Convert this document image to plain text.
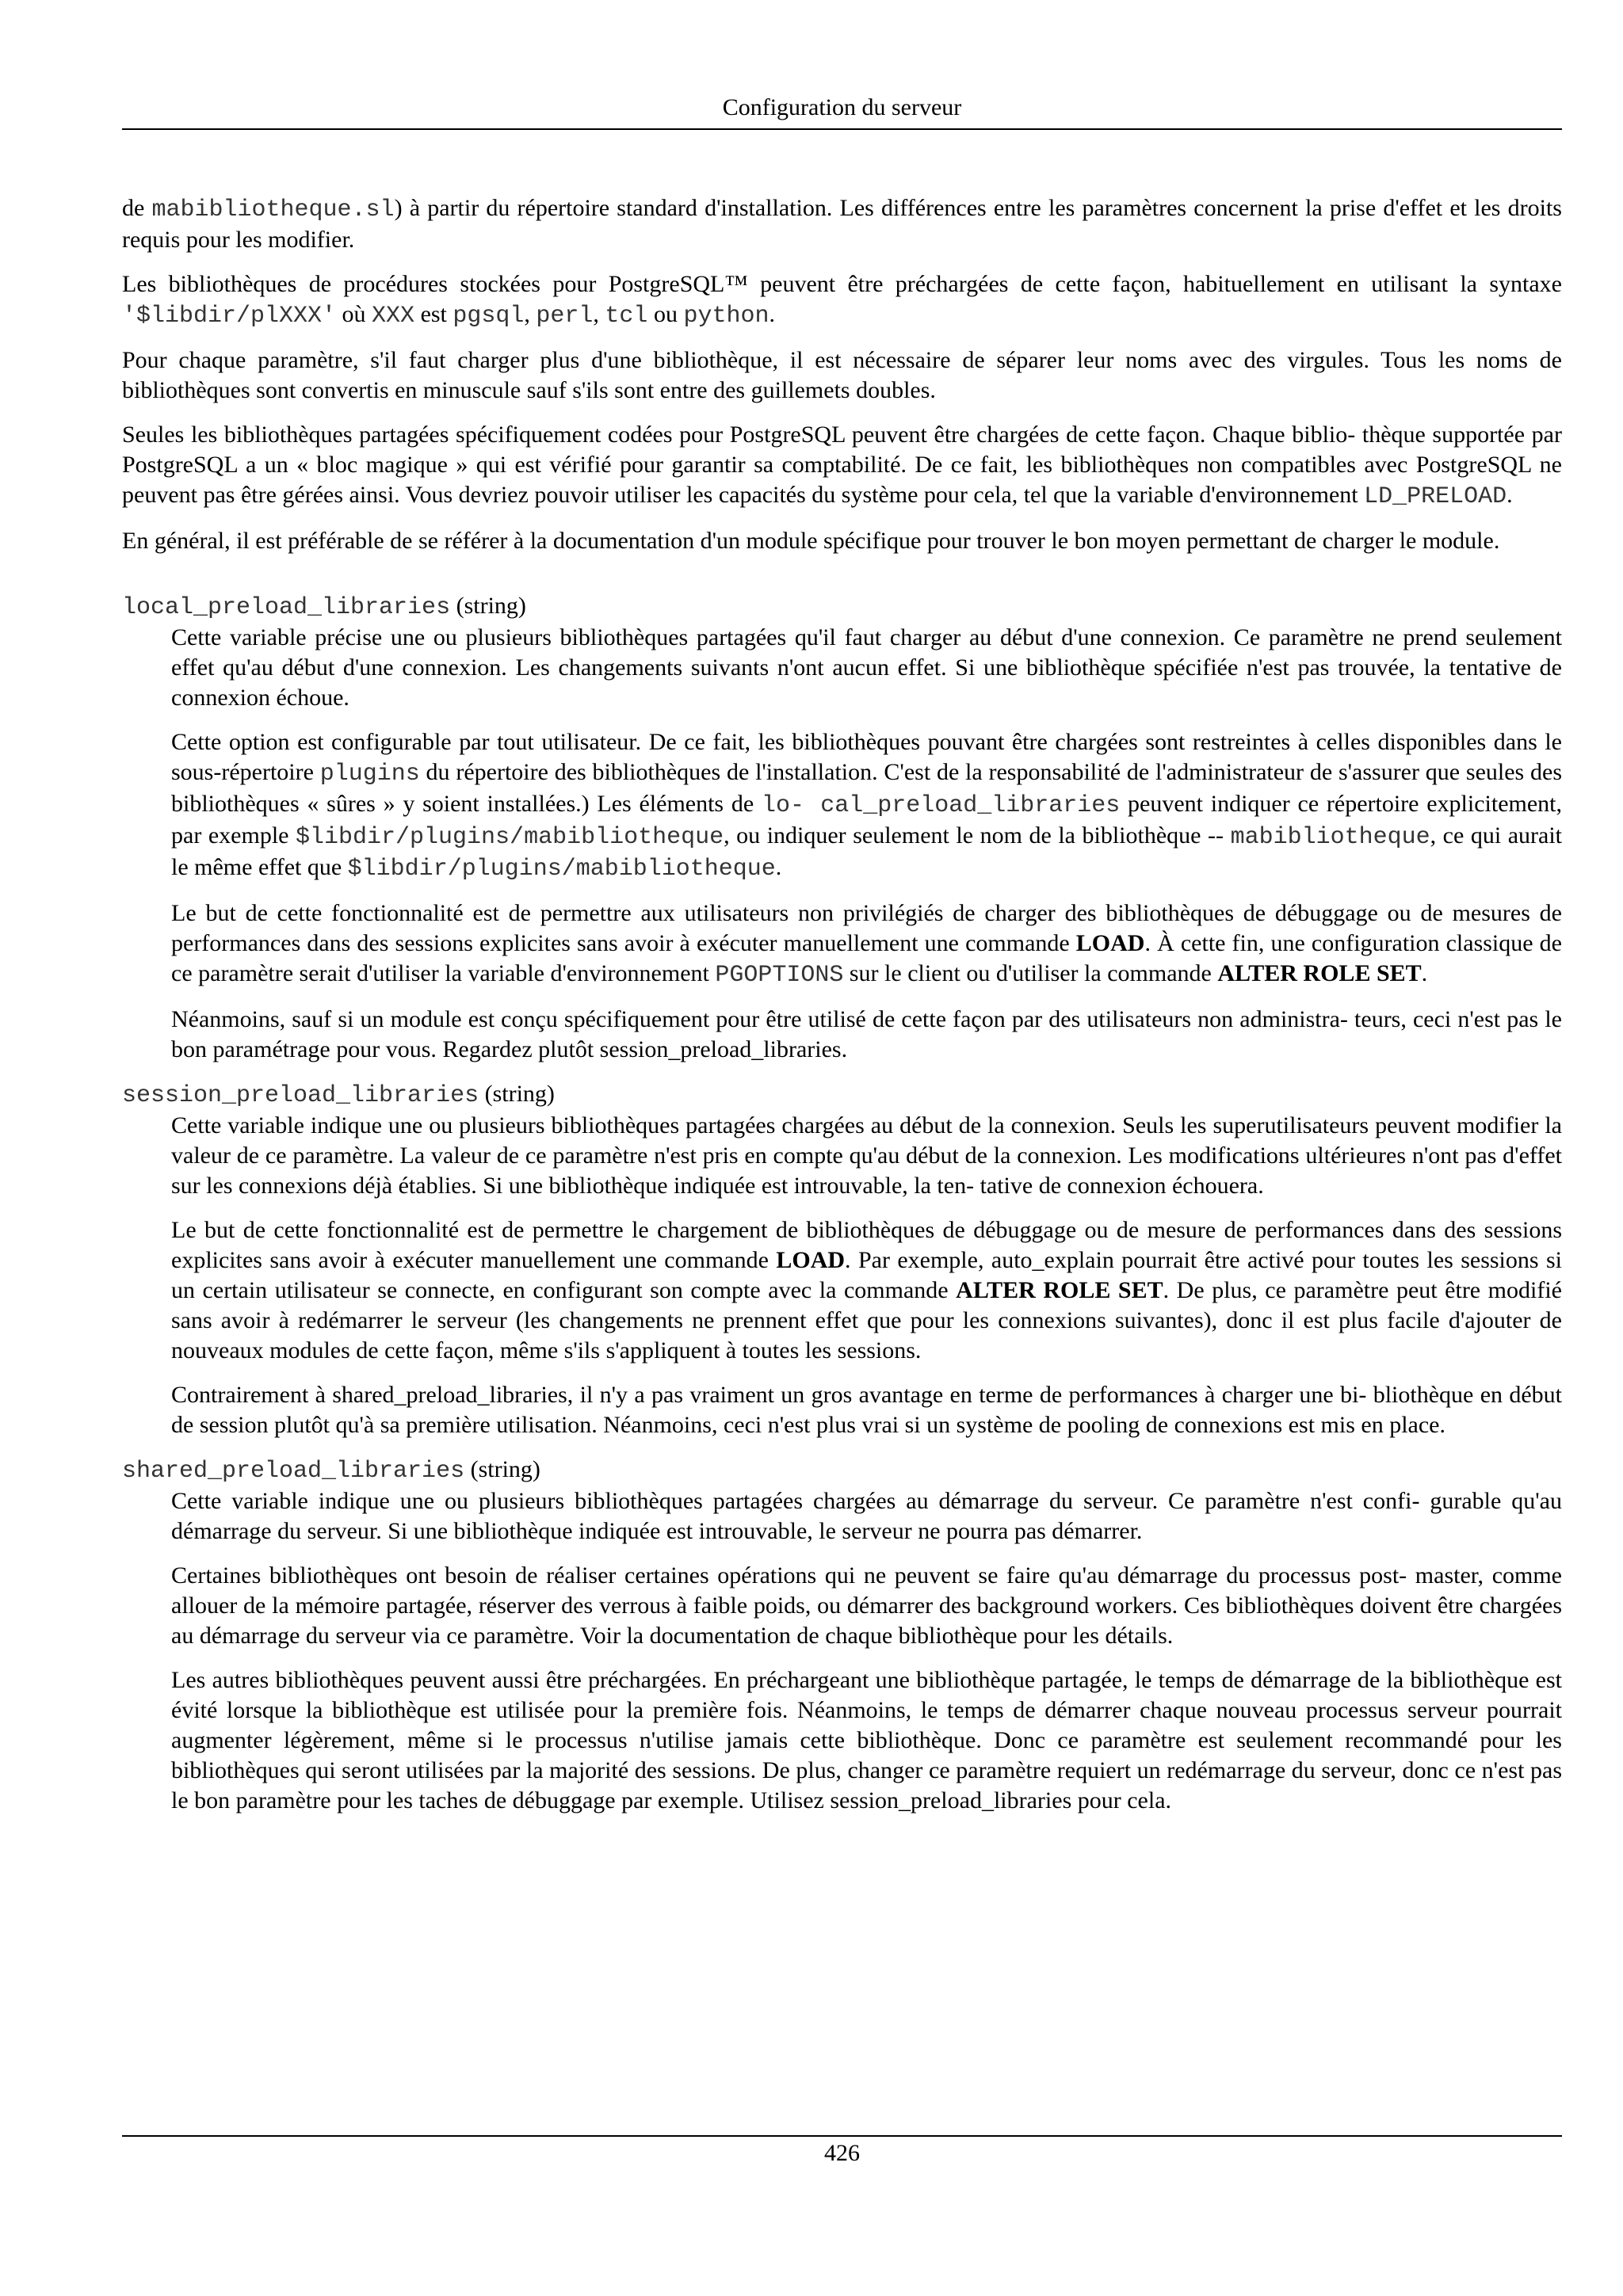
Configuration du serveur

de mabibliotheque.sl) à partir du répertoire standard d'installation. Les différences entre les paramètres concernent la prise d'effet et les droits requis pour les modifier.

Les bibliothèques de procédures stockées pour PostgreSQL™ peuvent être préchargées de cette façon, habituellement en utilisant la syntaxe '$libdir/plXXX' où XXX est pgsql, perl, tcl ou python.

Pour chaque paramètre, s'il faut charger plus d'une bibliothèque, il est nécessaire de séparer leur noms avec des virgules. Tous les noms de bibliothèques sont convertis en minuscule sauf s'ils sont entre des guillemets doubles.

Seules les bibliothèques partagées spécifiquement codées pour PostgreSQL peuvent être chargées de cette façon. Chaque biblio- thèque supportée par PostgreSQL a un « bloc magique » qui est vérifié pour garantir sa comptabilité. De ce fait, les bibliothèques non compatibles avec PostgreSQL ne peuvent pas être gérées ainsi. Vous devriez pouvoir utiliser les capacités du système pour cela, tel que la variable d'environnement LD_PRELOAD.

En général, il est préférable de se référer à la documentation d'un module spécifique pour trouver le bon moyen permettant de charger le module.

local_preload_libraries (string)

Cette variable précise une ou plusieurs bibliothèques partagées qu'il faut charger au début d'une connexion. Ce paramètre ne prend seulement effet qu'au début d'une connexion. Les changements suivants n'ont aucun effet. Si une bibliothèque spécifiée n'est pas trouvée, la tentative de connexion échoue.

Cette option est configurable par tout utilisateur. De ce fait, les bibliothèques pouvant être chargées sont restreintes à celles disponibles dans le sous-répertoire plugins du répertoire des bibliothèques de l'installation. C'est de la responsabilité de l'administrateur de s'assurer que seules des bibliothèques « sûres » y soient installées.) Les éléments de lo- cal_preload_libraries peuvent indiquer ce répertoire explicitement, par exemple $libdir/plugins/mabibliotheque, ou indiquer seulement le nom de la bibliothèque -- mabibliotheque, ce qui aurait le même effet que $libdir/plugins/mabibliotheque.

Le but de cette fonctionnalité est de permettre aux utilisateurs non privilégiés de charger des bibliothèques de débuggage ou de mesures de performances dans des sessions explicites sans avoir à exécuter manuellement une commande LOAD. À cette fin, une configuration classique de ce paramètre serait d'utiliser la variable d'environnement PGOPTIONS sur le client ou d'utiliser la commande ALTER ROLE SET.

Néanmoins, sauf si un module est conçu spécifiquement pour être utilisé de cette façon par des utilisateurs non administra- teurs, ceci n'est pas le bon paramétrage pour vous. Regardez plutôt session_preload_libraries.

session_preload_libraries (string)

Cette variable indique une ou plusieurs bibliothèques partagées chargées au début de la connexion. Seuls les superutilisateurs peuvent modifier la valeur de ce paramètre. La valeur de ce paramètre n'est pris en compte qu'au début de la connexion. Les modifications ultérieures n'ont pas d'effet sur les connexions déjà établies. Si une bibliothèque indiquée est introuvable, la ten- tative de connexion échouera.

Le but de cette fonctionnalité est de permettre le chargement de bibliothèques de débuggage ou de mesure de performances dans des sessions explicites sans avoir à exécuter manuellement une commande LOAD. Par exemple, auto_explain pourrait être activé pour toutes les sessions si un certain utilisateur se connecte, en configurant son compte avec la commande ALTER ROLE SET. De plus, ce paramètre peut être modifié sans avoir à redémarrer le serveur (les changements ne prennent effet que pour les connexions suivantes), donc il est plus facile d'ajouter de nouveaux modules de cette façon, même s'ils s'appliquent à toutes les sessions.

Contrairement à shared_preload_libraries, il n'y a pas vraiment un gros avantage en terme de performances à charger une bi- bliothèque en début de session plutôt qu'à sa première utilisation. Néanmoins, ceci n'est plus vrai si un système de pooling de connexions est mis en place.

shared_preload_libraries (string)

Cette variable indique une ou plusieurs bibliothèques partagées chargées au démarrage du serveur. Ce paramètre n'est confi- gurable qu'au démarrage du serveur. Si une bibliothèque indiquée est introuvable, le serveur ne pourra pas démarrer.

Certaines bibliothèques ont besoin de réaliser certaines opérations qui ne peuvent se faire qu'au démarrage du processus post- master, comme allouer de la mémoire partagée, réserver des verrous à faible poids, ou démarrer des background workers. Ces bibliothèques doivent être chargées au démarrage du serveur via ce paramètre. Voir la documentation de chaque bibliothèque pour les détails.

Les autres bibliothèques peuvent aussi être préchargées. En préchargeant une bibliothèque partagée, le temps de démarrage de la bibliothèque est évité lorsque la bibliothèque est utilisée pour la première fois. Néanmoins, le temps de démarrer chaque nouveau processus serveur pourrait augmenter légèrement, même si le processus n'utilise jamais cette bibliothèque. Donc ce paramètre est seulement recommandé pour les bibliothèques qui seront utilisées par la majorité des sessions. De plus, changer ce paramètre requiert un redémarrage du serveur, donc ce n'est pas le bon paramètre pour les taches de débuggage par exemple. Utilisez session_preload_libraries pour cela.

426
